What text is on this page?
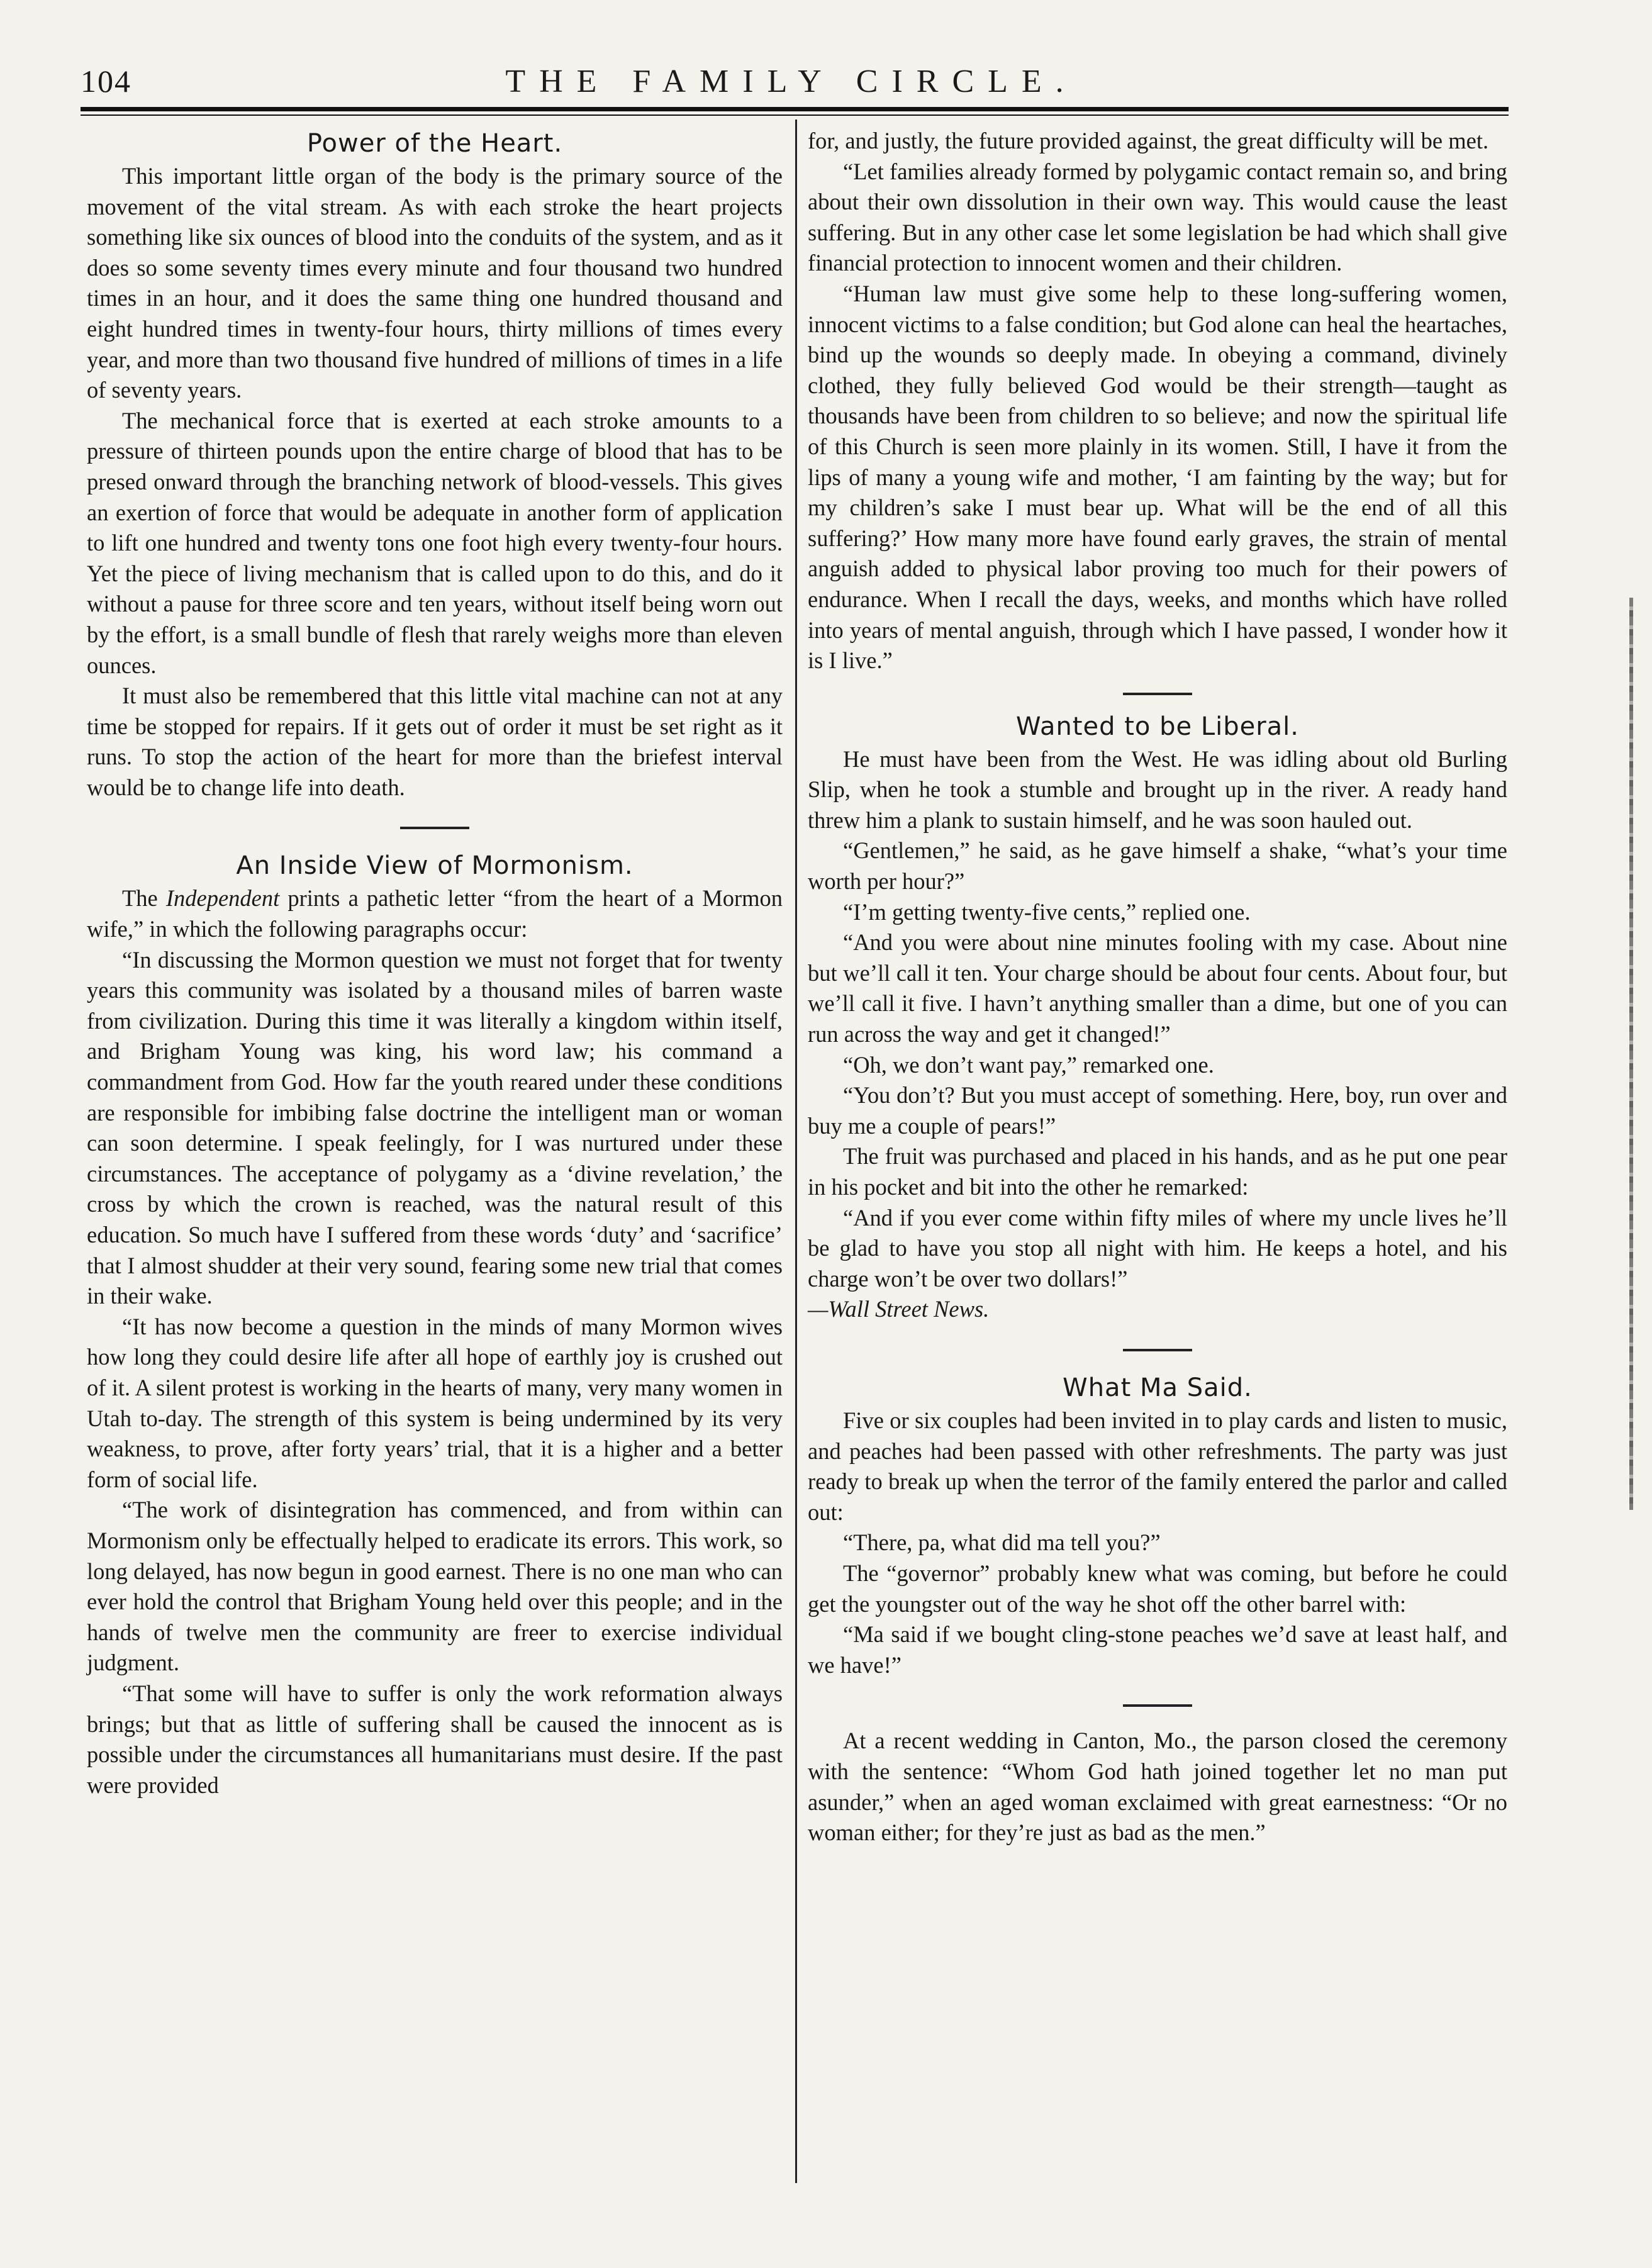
104	THE FAMILY CIRCLE.
Power of the Heart.

This important little organ of the body is the primary source of the movement of the vital stream. As with each stroke the heart projects something like six ounces of blood into the conduits of the system, and as it does so some seventy times every minute and four thousand two hundred times in an hour, and it does the same thing one hundred thousand and eight hundred times in twenty-four hours, thirty millions of times every year, and more than two thousand five hundred of millions of times in a life of seventy years.

The mechanical force that is exerted at each stroke amounts to a pressure of thirteen pounds upon the entire charge of blood that has to be presed onward through the branching network of blood-vessels. This gives an exertion of force that would be adequate in another form of application to lift one hundred and twenty tons one foot high every twenty-four hours. Yet the piece of living mechanism that is called upon to do this, and do it without a pause for three score and ten years, without itself being worn out by the effort, is a small bundle of flesh that rarely weighs more than eleven ounces.

It must also be remembered that this little vital machine can not at any time be stopped for repairs. If it gets out of order it must be set right as it runs. To stop the action of the heart for more than the briefest interval would be to change life into death.

An Inside View of Mormonism.

The Independent prints a pathetic letter “from the heart of a Mormon wife,” in which the following paragraphs occur:

“In discussing the Mormon question we must not forget that for twenty years this community was isolated by a thousand miles of barren waste from civilization. During this time it was literally a kingdom within itself, and Brigham Young was king, his word law; his command a commandment from God. How far the youth reared under these conditions are responsible for imbibing false doctrine the intelligent man or woman can soon determine. I speak feelingly, for I was nurtured under these circumstances. The acceptance of polygamy as a ‘divine revelation,’ the cross by which the crown is reached, was the natural result of this education. So much have I suffered from these words ‘duty’ and ‘sacrifice’ that I almost shudder at their very sound, fearing some new trial that comes in their wake.

“It has now become a question in the minds of many Mormon wives how long they could desire life after all hope of earthly joy is crushed out of it. A silent protest is working in the hearts of many, very many women in Utah to-day. The strength of this system is being undermined by its very weakness, to prove, after forty years’ trial, that it is a higher and a better form of social life.

“The work of disintegration has commenced, and from within can Mormonism only be effectually helped to eradicate its errors. This work, so long delayed, has now begun in good earnest. There is no one man who can ever hold the control that Brigham Young held over this people; and in the hands of twelve men the community are freer to exercise individual judgment.

“That some will have to suffer is only the work reformation always brings; but that as little of suffering shall be caused the innocent as is possible under the circumstances all humanitarians must desire. If the past were provided

for, and justly, the future provided against, the great difficulty will be met.

“Let families already formed by polygamic contact remain so, and bring about their own dissolution in their own way. This would cause the least suffering. But in any other case let some legislation be had which shall give financial protection to innocent women and their children.

“Human law must give some help to these long-suffering women, innocent victims to a false condition; but God alone can heal the heartaches, bind up the wounds so deeply made. In obeying a command, divinely clothed, they fully believed God would be their strength—taught as thousands have been from children to so believe; and now the spiritual life of this Church is seen more plainly in its women. Still, I have it from the lips of many a young wife and mother, ‘I am fainting by the way; but for my children’s sake I must bear up. What will be the end of all this suffering?’ How many more have found early graves, the strain of mental anguish added to physical labor proving too much for their powers of endurance. When I recall the days, weeks, and months which have rolled into years of mental anguish, through which I have passed, I wonder how it is I live.”

Wanted to be Liberal.

He must have been from the West. He was idling about old Burling Slip, when he took a stumble and brought up in the river. A ready hand threw him a plank to sustain himself, and he was soon hauled out.

“Gentlemen,” he said, as he gave himself a shake, “what’s your time worth per hour?”

“I’m getting twenty-five cents,” replied one.

“And you were about nine minutes fooling with my case. About nine but we’ll call it ten. Your charge should be about four cents. About four, but we’ll call it five. I havn’t anything smaller than a dime, but one of you can run across the way and get it changed!”

“Oh, we don’t want pay,” remarked one.

“You don’t? But you must accept of something. Here, boy, run over and buy me a couple of pears!”

The fruit was purchased and placed in his hands, and as he put one pear in his pocket and bit into the other he remarked:

“And if you ever come within fifty miles of where my uncle lives he’ll be glad to have you stop all night with him. He keeps a hotel, and his charge won’t be over two dollars!”

—Wall Street News.

What Ma Said.

Five or six couples had been invited in to play cards and listen to music, and peaches had been passed with other refreshments. The party was just ready to break up when the terror of the family entered the parlor and called out:

“There, pa, what did ma tell you?”

The “governor” probably knew what was coming, but before he could get the youngster out of the way he shot off the other barrel with:

“Ma said if we bought cling-stone peaches we’d save at least half, and we have!”

At a recent wedding in Canton, Mo., the parson closed the ceremony with the sentence: “Whom God hath joined together let no man put asunder,” when an aged woman exclaimed with great earnestness: “Or no woman either; for they’re just as bad as the men.”
